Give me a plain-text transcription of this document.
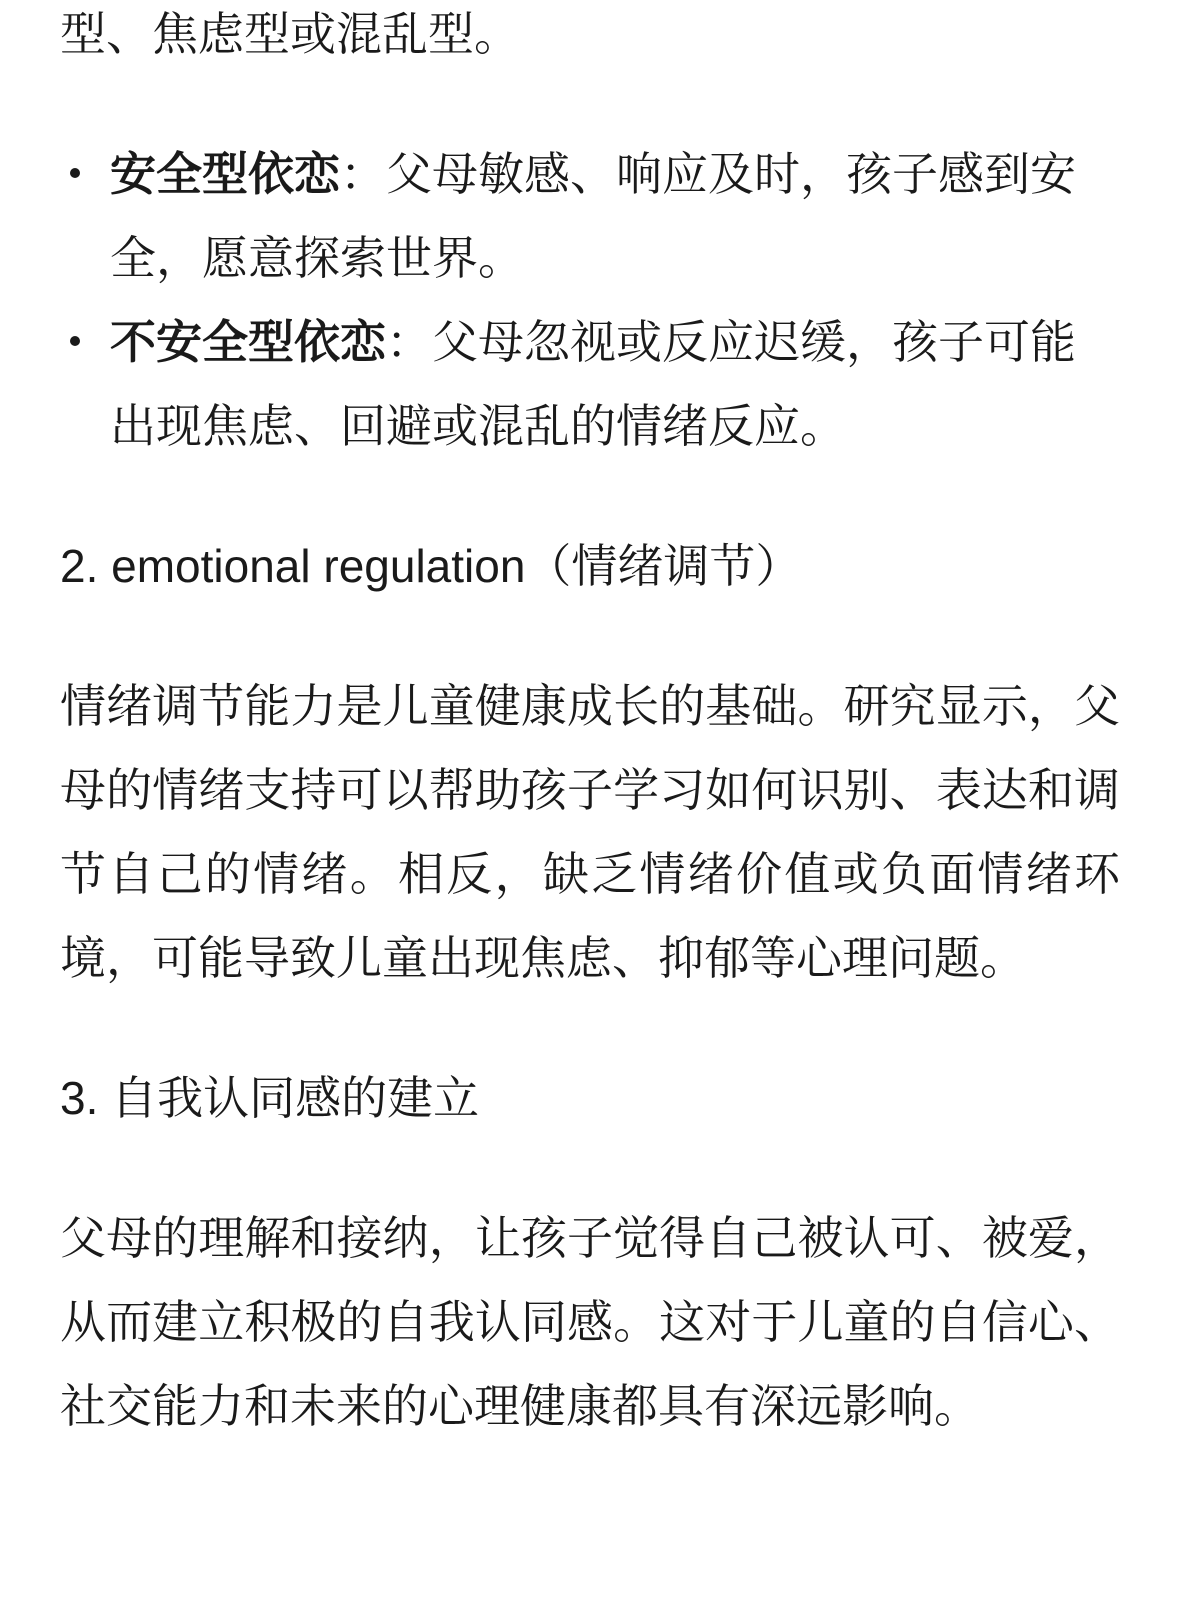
型、焦虑型或混乱型。

安全型依恋：父母敏感、响应及时，孩子感到安全，愿意探索世界。
不安全型依恋：父母忽视或反应迟缓，孩子可能出现焦虑、回避或混乱的情绪反应。

2. emotional regulation（情绪调节）

情绪调节能力是儿童健康成长的基础。研究显示，父母的情绪支持可以帮助孩子学习如何识别、表达和调节自己的情绪。相反，缺乏情绪价值或负面情绪环境，可能导致儿童出现焦虑、抑郁等心理问题。

3. 自我认同感的建立

父母的理解和接纳，让孩子觉得自己被认可、被爱，从而建立积极的自我认同感。这对于儿童的自信心、社交能力和未来的心理健康都具有深远影响。
